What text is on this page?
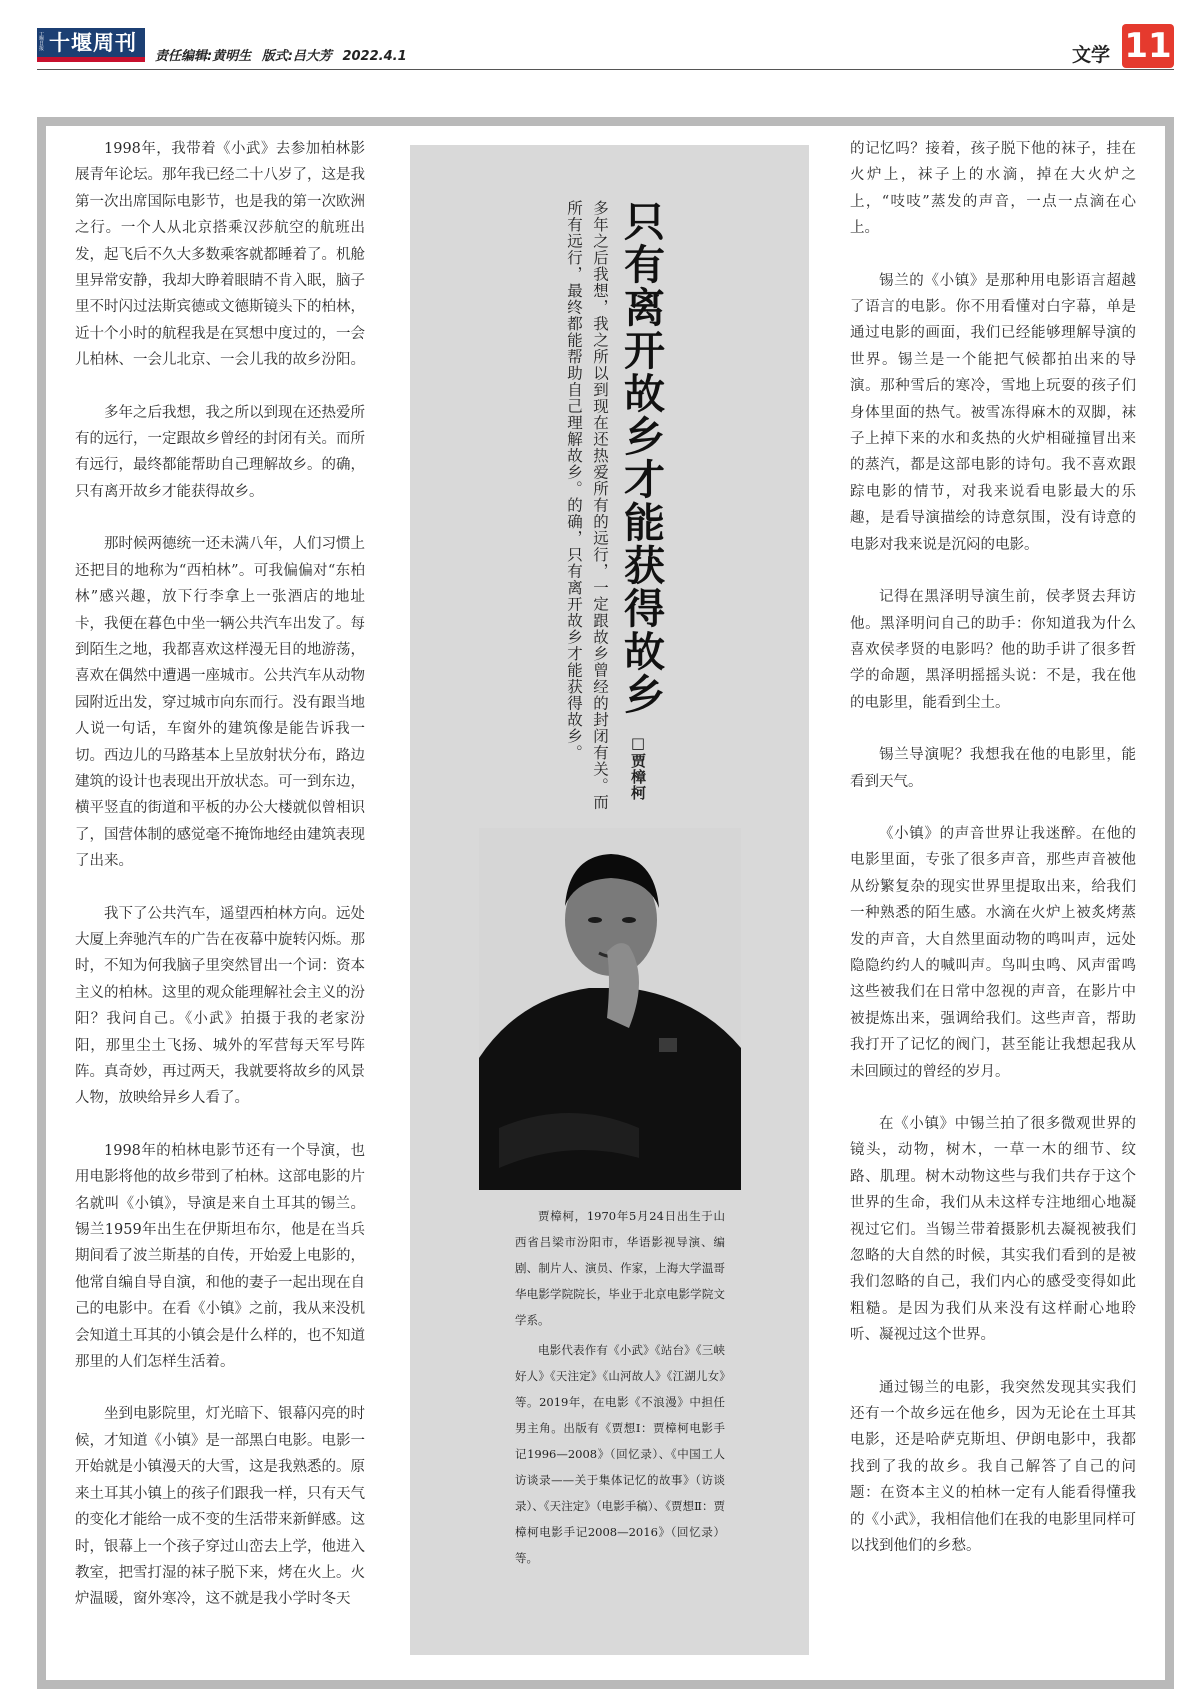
十堰日报 十堰周刊
责任编辑:黄明生 版式:吕大芳 2022.4.1	文学 11

1998年，我带着《小武》去参加柏林影展青年论坛。那年我已经二十八岁了，这是我第一次出席国际电影节，也是我的第一次欧洲之行。一个人从北京搭乘汉莎航空的航班出发，起飞后不久大多数乘客就都睡着了。机舱里异常安静，我却大睁着眼睛不肯入眠，脑子里不时闪过法斯宾德或文德斯镜头下的柏林，近十个小时的航程我是在冥想中度过的，一会儿柏林、一会儿北京、一会儿我的故乡汾阳。

多年之后我想，我之所以到现在还热爱所有的远行，一定跟故乡曾经的封闭有关。而所有远行，最终都能帮助自己理解故乡。的确，只有离开故乡才能获得故乡。

那时候两德统一还未满八年，人们习惯上还把目的地称为“西柏林”。可我偏偏对“东柏林”感兴趣，放下行李拿上一张酒店的地址卡，我便在暮色中坐一辆公共汽车出发了。每到陌生之地，我都喜欢这样漫无目的地游荡，喜欢在偶然中遭遇一座城市。公共汽车从动物园附近出发，穿过城市向东而行。没有跟当地人说一句话，车窗外的建筑像是能告诉我一切。西边儿的马路基本上呈放射状分布，路边建筑的设计也表现出开放状态。可一到东边，横平竖直的街道和平板的办公大楼就似曾相识了，国营体制的感觉毫不掩饰地经由建筑表现了出来。

我下了公共汽车，遥望西柏林方向。远处大厦上奔驰汽车的广告在夜幕中旋转闪烁。那时，不知为何我脑子里突然冒出一个词：资本主义的柏林。这里的观众能理解社会主义的汾阳？我问自己。《小武》拍摄于我的老家汾阳，那里尘土飞扬、城外的军营每天军号阵阵。真奇妙，再过两天，我就要将故乡的风景人物，放映给异乡人看了。

1998年的柏林电影节还有一个导演，也用电影将他的故乡带到了柏林。这部电影的片名就叫《小镇》，导演是来自土耳其的锡兰。锡兰1959年出生在伊斯坦布尔，他是在当兵期间看了波兰斯基的自传，开始爱上电影的，他常自编自导自演，和他的妻子一起出现在自己的电影中。在看《小镇》之前，我从来没机会知道土耳其的小镇会是什么样的，也不知道那里的人们怎样生活着。

坐到电影院里，灯光暗下、银幕闪亮的时候，才知道《小镇》是一部黑白电影。电影一开始就是小镇漫天的大雪，这是我熟悉的。原来土耳其小镇上的孩子们跟我一样，只有天气的变化才能给一成不变的生活带来新鲜感。这时，银幕上一个孩子穿过山峦去上学，他进入教室，把雪打湿的袜子脱下来，烤在火上。火炉温暖，窗外寒冷，这不就是我小学时冬天

只有离开故乡才能获得故乡
□贾樟柯
多年之后我想，我之所以到现在还热爱所有的远行，一定跟故乡曾经的封闭有关。而所有远行，最终都能帮助自己理解故乡。的确，只有离开故乡才能获得故乡。

贾樟柯，1970年5月24日出生于山西省吕梁市汾阳市，华语影视导演、编剧、制片人、演员、作家，上海大学温哥华电影学院院长，毕业于北京电影学院文学系。

电影代表作有《小武》《站台》《三峡好人》《天注定》《山河故人》《江湖儿女》等。2019年，在电影《不浪漫》中担任男主角。出版有《贾想Ⅰ：贾樟柯电影手记1996—2008》（回忆录）、《中国工人访谈录——关于集体记忆的故事》（访谈录）、《天注定》（电影手稿）、《贾想Ⅱ：贾樟柯电影手记2008—2016》（回忆录）等。

的记忆吗？接着，孩子脱下他的袜子，挂在火炉上，袜子上的水滴，掉在大火炉之上，“吱吱”蒸发的声音，一点一点滴在心上。

锡兰的《小镇》是那种用电影语言超越了语言的电影。你不用看懂对白字幕，单是通过电影的画面，我们已经能够理解导演的世界。锡兰是一个能把气候都拍出来的导演。那种雪后的寒冷，雪地上玩耍的孩子们身体里面的热气。被雪冻得麻木的双脚，袜子上掉下来的水和炙热的火炉相碰撞冒出来的蒸汽，都是这部电影的诗句。我不喜欢跟踪电影的情节，对我来说看电影最大的乐趣，是看导演描绘的诗意氛围，没有诗意的电影对我来说是沉闷的电影。

记得在黑泽明导演生前，侯孝贤去拜访他。黑泽明问自己的助手：你知道我为什么喜欢侯孝贤的电影吗？他的助手讲了很多哲学的命题，黑泽明摇摇头说：不是，我在他的电影里，能看到尘土。

锡兰导演呢？我想我在他的电影里，能看到天气。

《小镇》的声音世界让我迷醉。在他的电影里面，专张了很多声音，那些声音被他从纷繁复杂的现实世界里提取出来，给我们一种熟悉的陌生感。水滴在火炉上被炙烤蒸发的声音，大自然里面动物的鸣叫声，远处隐隐约约人的喊叫声。鸟叫虫鸣、风声雷鸣这些被我们在日常中忽视的声音，在影片中被提炼出来，强调给我们。这些声音，帮助我打开了记忆的阀门，甚至能让我想起我从未回顾过的曾经的岁月。

在《小镇》中锡兰拍了很多微观世界的镜头，动物，树木，一草一木的细节、纹路、肌理。树木动物这些与我们共存于这个世界的生命，我们从未这样专注地细心地凝视过它们。当锡兰带着摄影机去凝视被我们忽略的大自然的时候，其实我们看到的是被我们忽略的自己，我们内心的感受变得如此粗糙。是因为我们从来没有这样耐心地聆听、凝视过这个世界。

通过锡兰的电影，我突然发现其实我们还有一个故乡远在他乡，因为无论在土耳其电影，还是哈萨克斯坦、伊朗电影中，我都找到了我的故乡。我自己解答了自己的问题：在资本主义的柏林一定有人能看得懂我的《小武》，我相信他们在我的电影里同样可以找到他们的乡愁。
